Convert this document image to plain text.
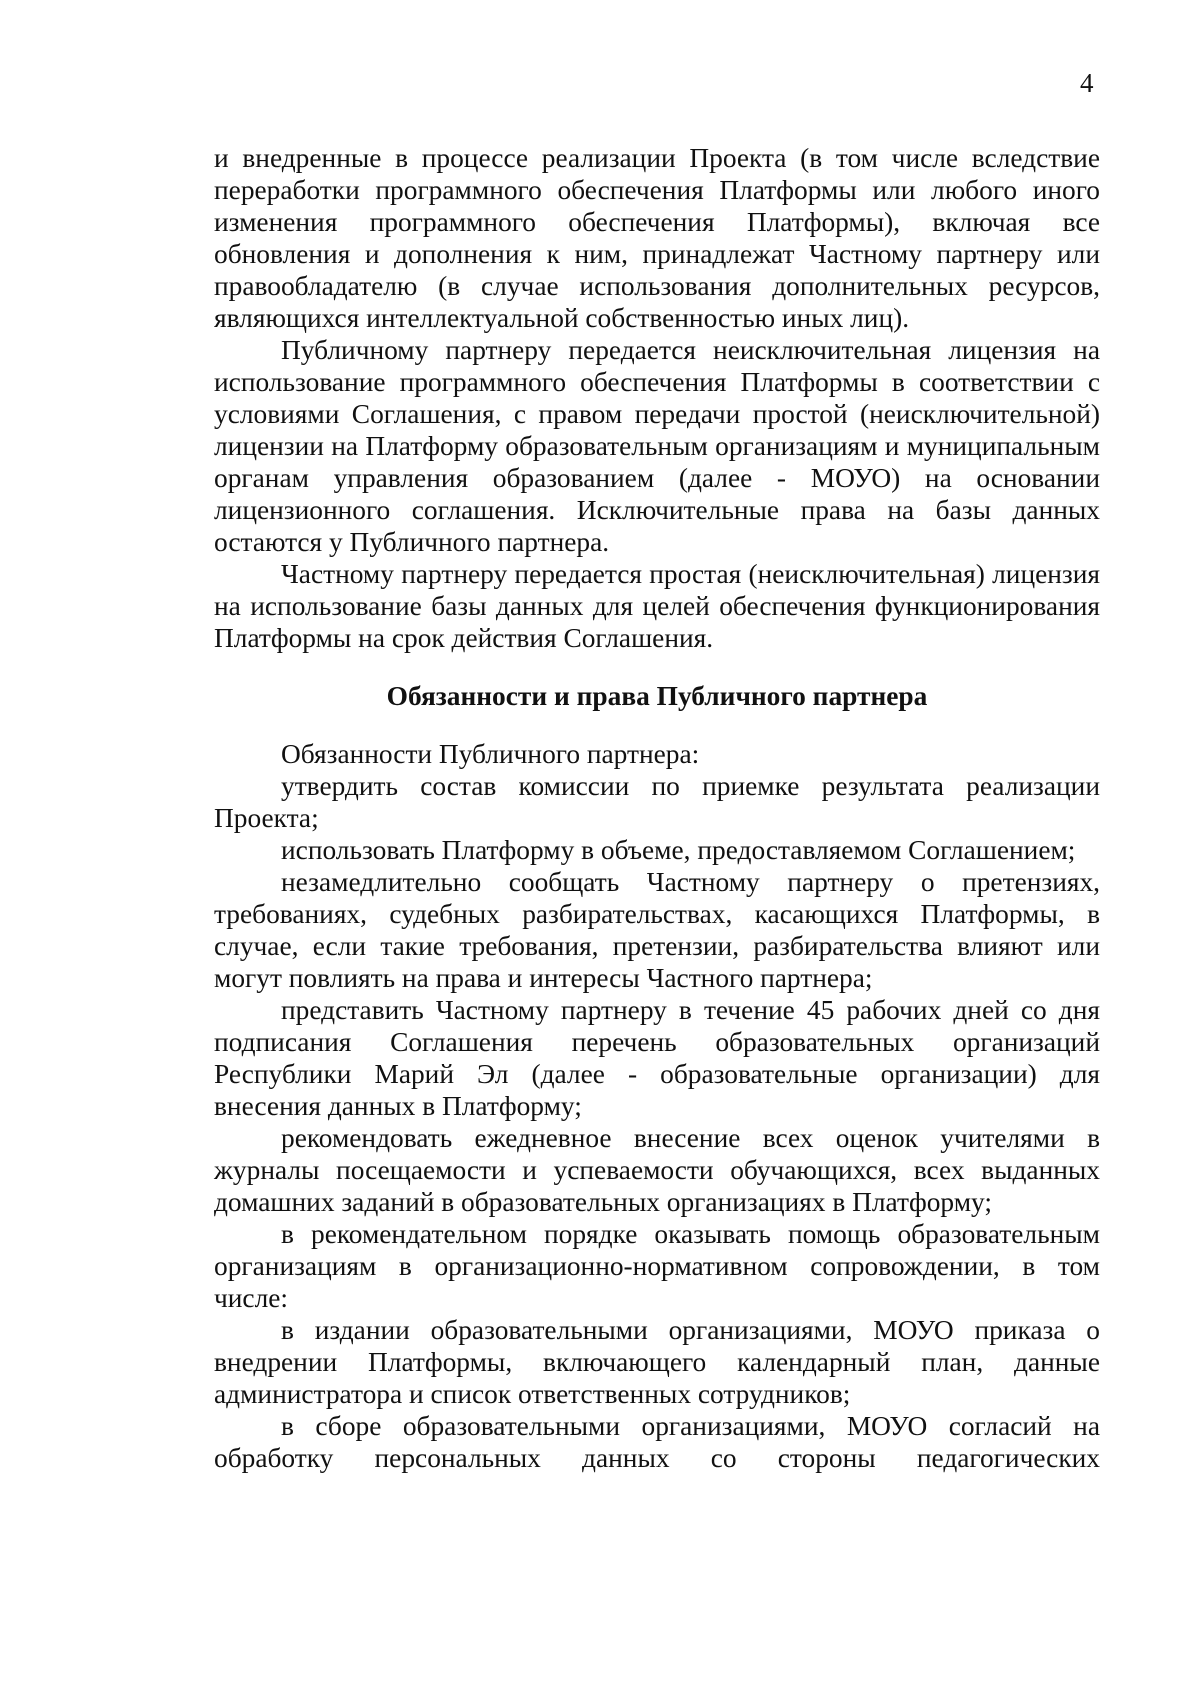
4

и внедренные в процессе реализации Проекта (в том числе вследствие переработки программного обеспечения Платформы или любого иного изменения программного обеспечения Платформы), включая все обновления и дополнения к ним, принадлежат Частному партнеру или правообладателю (в случае использования дополнительных ресурсов, являющихся интеллектуальной собственностью иных лиц).

Публичному партнеру передается неисключительная лицензия на использование программного обеспечения Платформы в соответствии с условиями Соглашения, с правом передачи простой (неисключительной) лицензии на Платформу образовательным организациям и муниципальным органам управления образованием (далее - МОУО) на основании лицензионного соглашения. Исключительные права на базы данных остаются у Публичного партнера.

Частному партнеру передается простая (неисключительная) лицензия на использование базы данных для целей обеспечения функционирования Платформы на срок действия Соглашения.

Обязанности и права Публичного партнера

Обязанности Публичного партнера:

утвердить состав комиссии по приемке результата реализации Проекта;

использовать Платформу в объеме, предоставляемом Соглашением;

незамедлительно сообщать Частному партнеру о претензиях, требованиях, судебных разбирательствах, касающихся Платформы, в случае, если такие требования, претензии, разбирательства влияют или могут повлиять на права и интересы Частного партнера;

представить Частному партнеру в течение 45 рабочих дней со дня подписания Соглашения перечень образовательных организаций Республики Марий Эл (далее - образовательные организации) для внесения данных в Платформу;

рекомендовать ежедневное внесение всех оценок учителями в журналы посещаемости и успеваемости обучающихся, всех выданных домашних заданий в образовательных организациях в Платформу;

в рекомендательном порядке оказывать помощь образовательным организациям в организационно-нормативном сопровождении, в том числе:

в издании образовательными организациями, МОУО приказа о внедрении Платформы, включающего календарный план, данные администратора и список ответственных сотрудников;

в сборе образовательными организациями, МОУО согласий на обработку персональных данных со стороны педагогических
